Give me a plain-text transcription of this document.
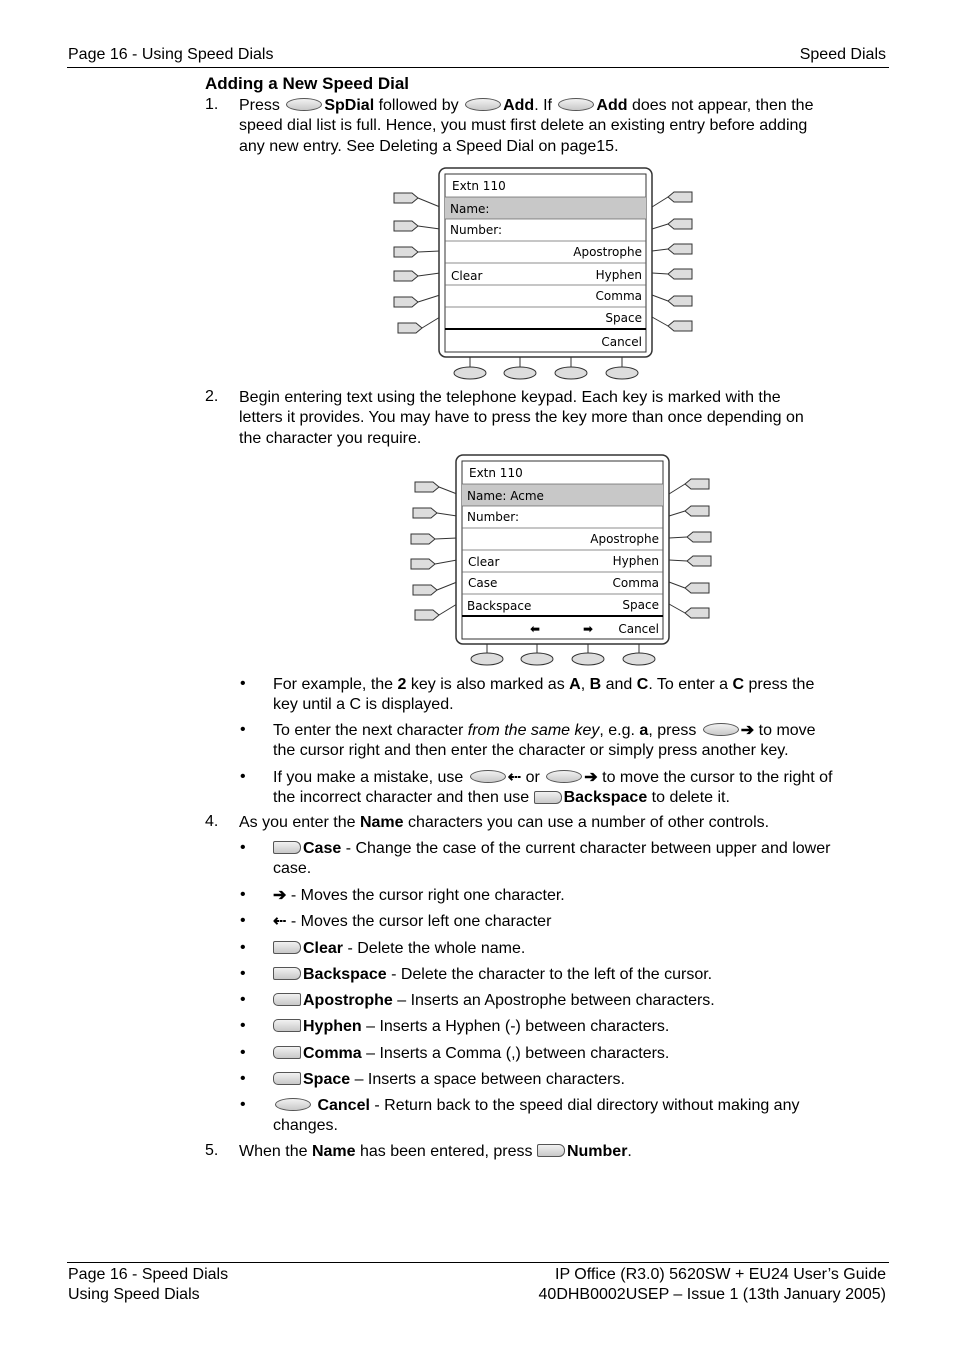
Page 16 - Using Speed Dials	Speed Dials
Adding a New Speed Dial
1. Press	SpDial followed by	Add. If	Add does not appear, then the
speed dial list is full. Hence, you must first delete an existing entry before adding
any new entry. See Deleting a Speed Dial on page15.
Extn 110
Name:
Number:
Apostrophe
Clear	Hyphen
Comma
Space
Cancel
2. Begin entering text using the telephone keypad. Each key is marked with the
letters it provides. You may have to press the key more than once depending on
the character you require.
Extn 110
Name: Acme
Number:
Apostrophe
Clear	Hyphen
Case	Comma
Backspace	Space
⬅	➡ Cancel
• For example, the 2 key is also marked as A, B and C. To enter a C press the
key until a C is displayed.
• To enter the next character from the same key, e.g. a, press	➔ to move
the cursor right and then enter the character or simply press another key.
• If you make a mistake, use	⇠ or	➔ to move the cursor to the right of
the incorrect character and then use Backspace to delete it.
4. As you enter the Name characters you can use a number of other controls.
•	Case - Change the case of the current character between upper and lower
case.
• ➔ - Moves the cursor right one character.
• ⇠ - Moves the cursor left one character
•	Clear - Delete the whole name.
•	Backspace - Delete the character to the left of the cursor.
•	Apostrophe – Inserts an Apostrophe between characters.
•	Hyphen – Inserts a Hyphen (-) between characters.
•	Comma – Inserts a Comma (,) between characters.
•	Space – Inserts a space between characters.
•	Cancel - Return back to the speed dial directory without making any
changes.
5. When the Name has been entered, press Number.
Page 16 - Speed Dials
Using Speed Dials
IP Office (R3.0) 5620SW + EU24 User’s Guide
40DHB0002USEP – Issue 1 (13th January 2005)
